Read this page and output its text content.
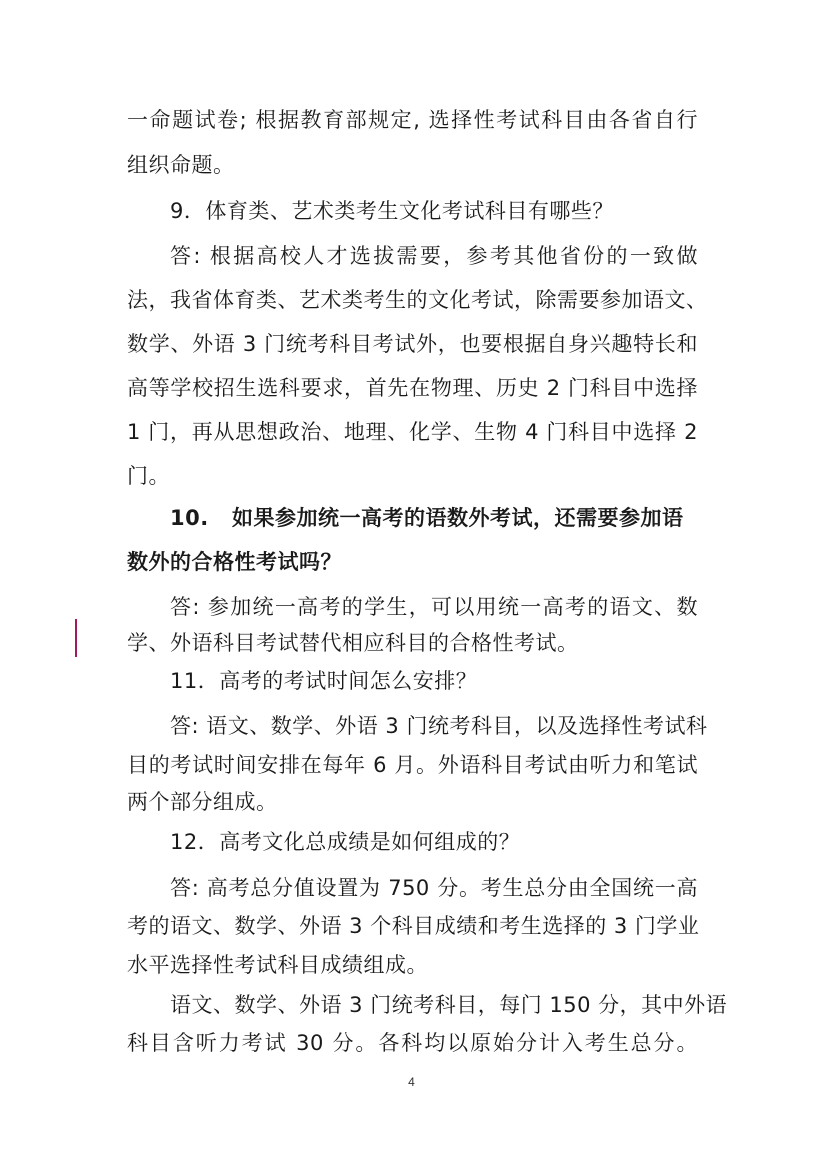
一命题试卷; 根据教育部规定, 选择性考试科目由各省自行
组织命题。
9．体育类、艺术类考生文化考试科目有哪些？
答: 根据高校人才选拔需要，参考其他省份的一致做
法，我省体育类、艺术类考生的文化考试，除需要参加语文、
数学、外语 3 门统考科目考试外，也要根据自身兴趣特长和
高等学校招生选科要求，首先在物理、历史 2 门科目中选择
1 门，再从思想政治、地理、化学、生物 4 门科目中选择 2
门。
10. 如果参加统一高考的语数外考试，还需要参加语
数外的合格性考试吗？
答: 参加统一高考的学生，可以用统一高考的语文、数
学、外语科目考试替代相应科目的合格性考试。
11．高考的考试时间怎么安排？
答: 语文、数学、外语 3 门统考科目，以及选择性考试科
目的考试时间安排在每年 6 月。外语科目考试由听力和笔试
两个部分组成。
12．高考文化总成绩是如何组成的？
答: 高考总分值设置为 750 分。考生总分由全国统一高
考的语文、数学、外语 3 个科目成绩和考生选择的 3 门学业
水平选择性考试科目成绩组成。
语文、数学、外语 3 门统考科目，每门 150 分，其中外语
科目含听力考试 30 分。各科均以原始分计入考生总分。
4
